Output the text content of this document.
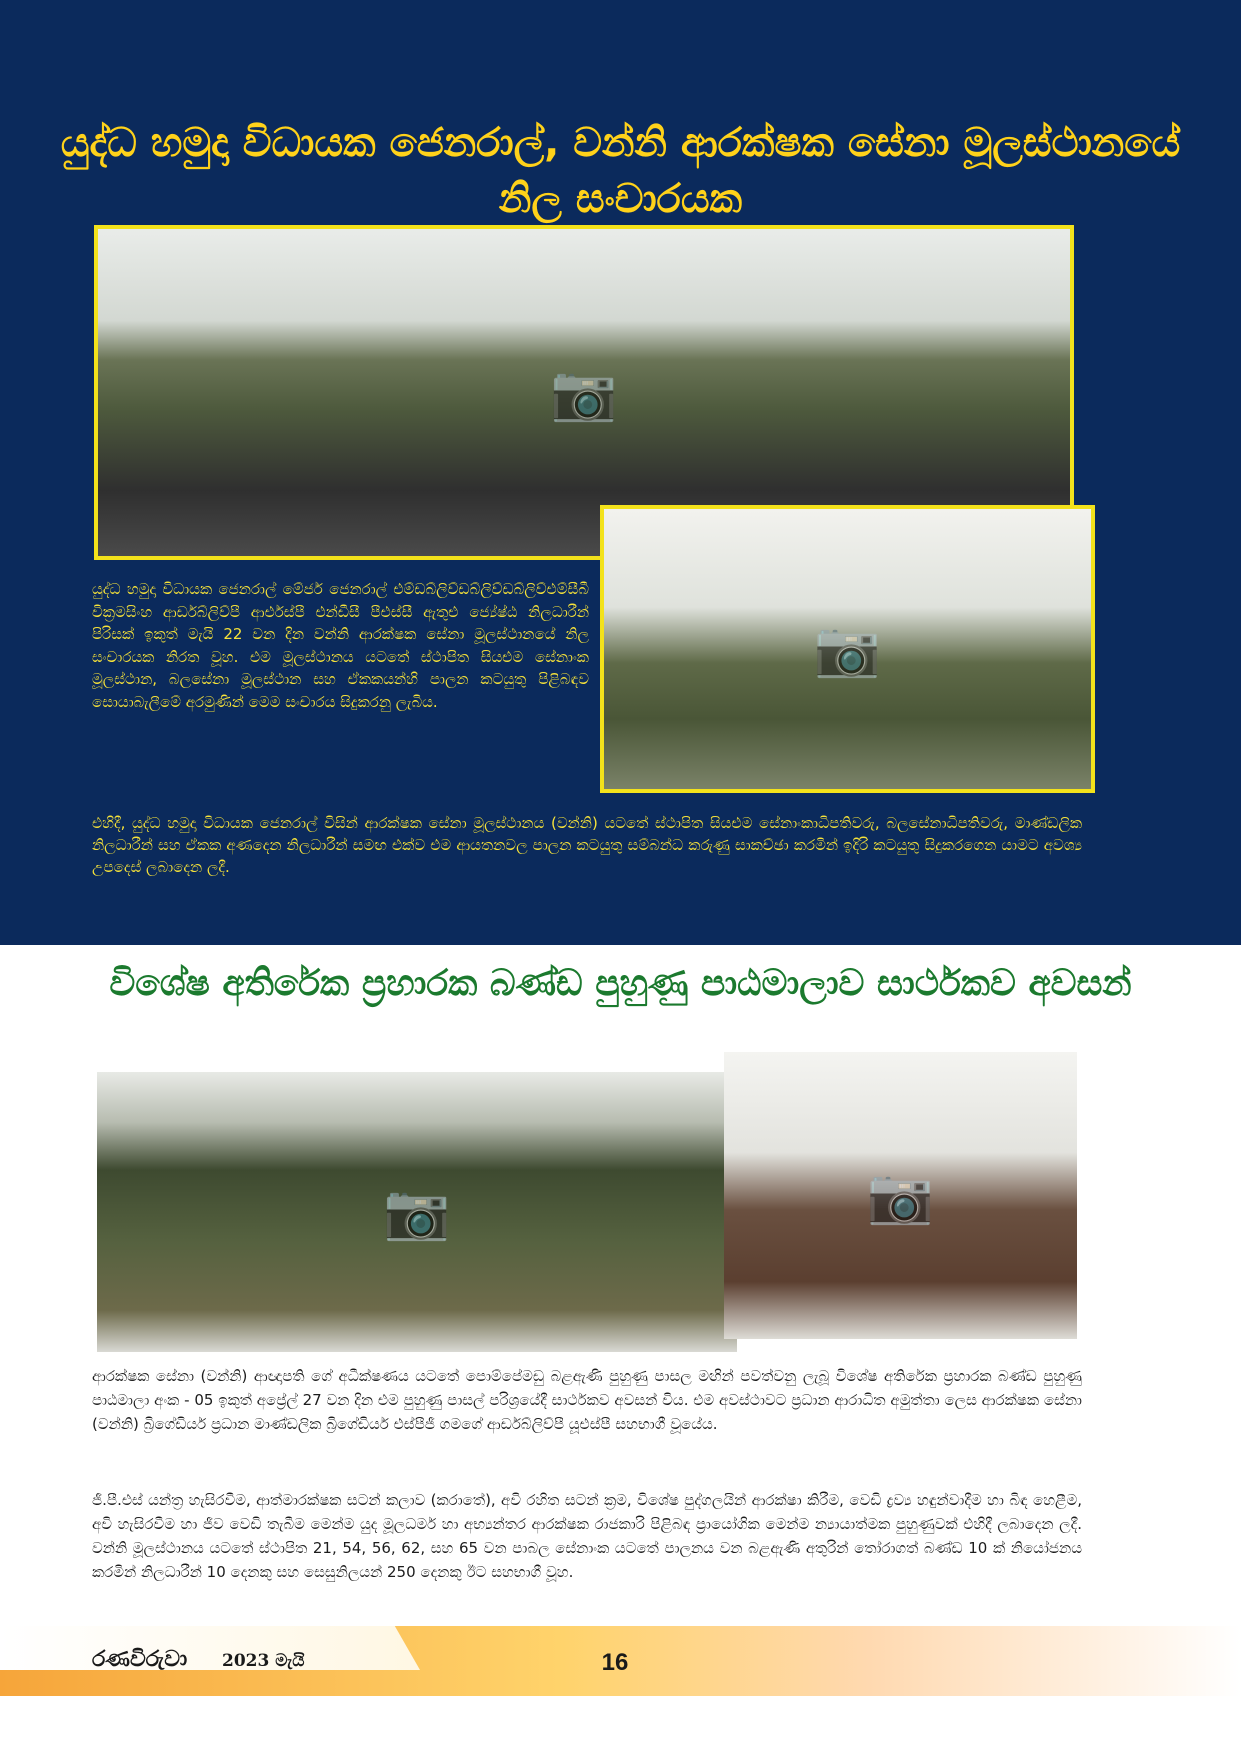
යුද්ධ හමුදා විධායක ජෙනරාල්, වන්නි ආරක්ෂක සේනා මූලස්ථානයේ නිල සංචාරයක
📷
📷

යුද්ධ හමුදා විධායක ජෙනරාල් මේජර් ජෙනරාල් එම්ඩබ්ලිව්ඩබ්ලිව්ඩබ්ලිව්එම්සීබී වික්‍රමසිංහ ආර්ඩබ්ලිව්පී ආර්එස්පී එන්ඩීසී පීඑස්සී ඇතුළු ජ්‍යේෂ්ඨ නිලධාරීන් පිරිසක් ඉකුත් මැයි 22 වන දින වන්නි ආරක්ෂක සේනා මූලස්ථානයේ නිල සංචාරයක නිරත වූහ. එම මූලස්ථානය යටතේ ස්ථාපිත සියළුම සේනාංක මූලස්ථාන, බලසේනා මූලස්ථාන සහ ඒකකයන්හි පාලන කටයුතු පිළිබඳව සොයාබැලීමේ අරමුණින් මෙම සංචාරය සිදුකරනු ලැබිය.

එහිදී, යුද්ධ හමුදා විධායක ජෙනරාල් විසින් ආරක්ෂක සේනා මූලස්ථානය (වන්නි) යටතේ ස්ථාපිත සියළුම සේනාංකාධිපතිවරු, බලසේනාධිපතිවරු, මාණ්ඩලික නිලධාරීන් සහ ඒකක අණදෙන නිලධාරීන් සමඟ එක්ව එම ආයතනවල පාලන කටයුතු සම්බන්ධ කරුණු සාකච්ඡා කරමින් ඉදිරි කටයුතු සිදුකරගෙන යාමට අවශ්‍ය උපදෙස් ලබාදෙන ලදී.

විශේෂ අතිරේක ප්‍රහාරක බණ්ඩ පුහුණු පාඨමාලාව සාර්ථකව අවසන්
📷	📷

ආරක්ෂක සේනා (වන්නි) ආඥාපති ගේ අධීක්ෂණය යටතේ පොම්පේමඩු බළඇණි පුහුණු පාසල මඟින් පවත්වනු ලැබූ විශේෂ අතිරේක ප්‍රහාරක බණ්ඩ පුහුණු පාඨමාලා අංක - 05 ඉකුත් අප්‍රේල් 27 වන දින එම පුහුණු පාසල් පරිශ්‍රයේදී සාර්ථකව අවසන් විය. එම අවස්ථාවට ප්‍රධාන ආරාධිත අමුත්තා ලෙස ආරක්ෂක සේනා (වන්නි) බ්‍රිගේඩියර් ප්‍රධාන මාණ්ඩලික බ්‍රිගේඩියර් එස්පීජී ගමගේ ආර්ඩබ්ලිව්පී යූඑස්පී සහභාගී වූයේය.

ජී.පී.එස් යන්ත්‍ර හැසිරවීම, ආත්මාරක්ෂක සටන් කලාව (කරාතේ), අවි රහිත සටන් ක්‍රම, විශේෂ පුද්ගලයින් ආරක්ෂා කිරීම, වෙඩි ද්‍රව්‍ය හඳුන්වාදීම හා බිඳ හෙළීම, අවි හැසිරවීම හා ජීව වෙඩි තැබීම මෙන්ම යුද මූලධර්ම හා අභ්‍යන්තර ආරක්ෂක රාජකාරි පිළිබඳ ප්‍රායෝගික මෙන්ම න්‍යායාත්මක පුහුණුවක් එහිදී ලබාදෙන ලදී. වන්නි මූලස්ථානය යටතේ ස්ථාපිත 21, 54, 56, 62, සහ 65 වන පාබල සේනාංක යටතේ පාලනය වන බළඇණි අතුරින් තෝරාගත් බණ්ඩ 10 ක් නියෝජනය කරමින් නිලධාරීන් 10 දෙනකු සහ සෙසුනිලයන් 250 දෙනකු ඊට සහභාගී වූහ.

රණවිරුවා 2023 මැයි	16
